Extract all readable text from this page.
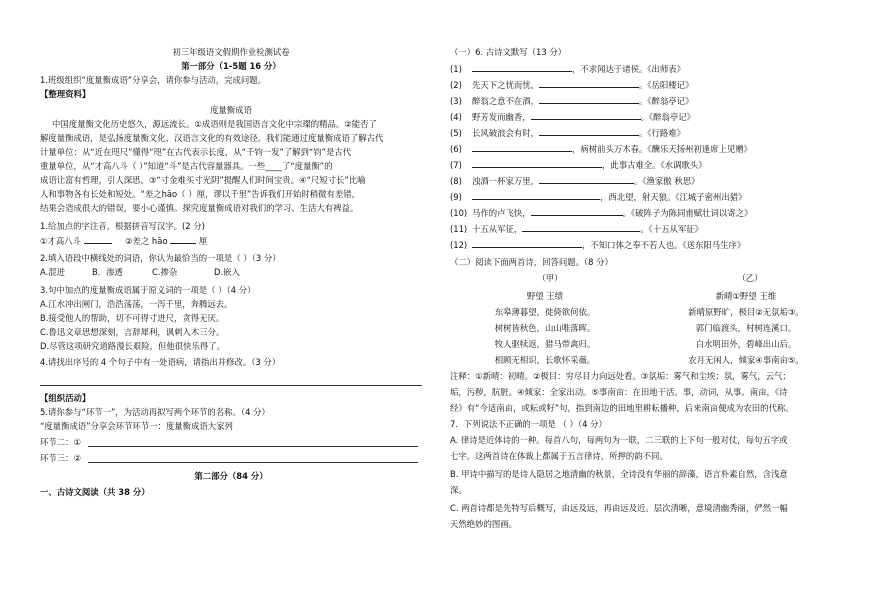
初三年级语文假期作业检测试卷
第一部分（1-5题 16 分）
1.班级组织“度量衡成语”分享会，请你参与活动，完成问题。
【整理资料】
度量衡成语
中国度量衡文化历史悠久，源远流长。①成语则是我国语言文化中宗璨的精品。②能否了
解度量衡成语，是弘扬度量衡文化、汉语言文化的有效途径。我们能通过度量衡成语了解古代
计量单位：从“近在咫尺”懂得“咫”在古代表示长度，从“千钧一发”了解到“钧”是古代
重量单位，从“才高八斗（ ）”知道“斗”是古代容量器具。一些____了“度量衡”的
成语让富有哲理，引人深思。③“寸金难买寸光阴”提醒人们时间宝贵。④“尺短寸长”比喻
人和事物各有长处和短处。“差之hāo（ ）厘，谬以千里”告诉我们开始时稍微有差错，
结果会造成很大的错误，要小心谨慎。探究度量衡成语对我们的学习、生活大有裨益。
1.给加点的字注音，根据拼音写汉字。(2 分)
①才高八斗	②差之 hāo	厘
2.填入语段中横线处的词语，你认为最恰当的一项是（ ）（3 分）
A.混进	B．渗透	C.掺杂	D.嵌入
3.句中加点的度量衡成语属于原义词的一项是（ ）（4 分）
A.江水冲出闸门，浩浩荡荡，一泻千里，奔腾远去。
B.接受他人的帮助，切不可得寸进尺，贪得无厌。
C.鲁迅文章思想深刻，言辞犀利，讽刺入木三分。
D.尽管这项研究道路漫长艰险，但他很快乐得了。
4.请找出序号的 4 个句子中有一处语病，请指出并修改。（3 分）
【组织活动】
5.请你参与“环节一”，为活动再拟写两个环节的名称。（4 分）
“度量衡成语”分享会环节环节一：度量衡成语大家列
环节二：①
环节三：②
第二部分（84 分）
一、古诗文阅读（共 38 分）
（一）6. 古诗文默写（13 分）
(1)	，不求闻达于诸侯。《出师表》
(2) 先天下之忧而忧，	。《岳阳楼记》
(3) 醉翁之意不在酒，	。《醉翁亭记》
(4) 野芳发而幽香，	。《醉翁亭记》
(5) 长风破浪会有时，	。《行路难》
(6)	，病树前头万木春。《酬乐天扬州初逢席上见赠》
(7)	，此事古难全。《水调歌头》
(8) 浊酒一杯家万里，	。《渔家傲 秋思》
(9)	，西北望，射天狼。《江城子密州出猎》
(10) 马作的卢飞快，	。《破阵子为陈同甫赋壮词以寄之》
(11) 十五从军征，	。《十五从军征》
(12)	，不知口体之奉不若人也。《送东阳马生序》
（二）阅读下面两首诗，回答问题。（8 分）
（甲）	（乙）
野望 王绩
东皋薄暮望，徙倚欲何依。
树树皆秋色，山山唯落晖。
牧人驱犊返，猎马带禽归。
相顾无相识，长歌怀采薇。
新晴①野望 王维
新晴原野旷，极目②无氛垢③。
郭门临渡头，村树连溪口。
白水明田外，碧峰出山后。
农月无闲人，倾家④事南亩⑤。
注释：①新晴：初晴。②极目：穷尽目力向远处看。③氛垢：雾气和尘埃；氛，雾气，云气；
垢，污秽，肮脏。④倾家：全家出动。⑤事南亩：在田地干活。事，动词，从事。南亩，《诗
经》有“今适南亩，或耘或籽”句，指到南边的田地里耕耘播种，后来南亩便成为农田的代称。
7．下列说法不正确的一项是 （ ）（4 分）
A. 律诗是近体诗的一种。每首八句，每两句为一联，二三联的上下句一般对仗，每句五字或
七字。这两首诗在体裁上都属于五言律诗，所押的韵不同。
B. 甲诗中描写的是诗人隐居之地清幽的秋景，全诗没有华丽的辞藻，语言朴素自然，含浅意
深。
C. 两首诗都是先特写后概写，由远及远，再由远及近。层次清晰，意境清幽秀丽，俨然一幅
天然绝妙的图画。
